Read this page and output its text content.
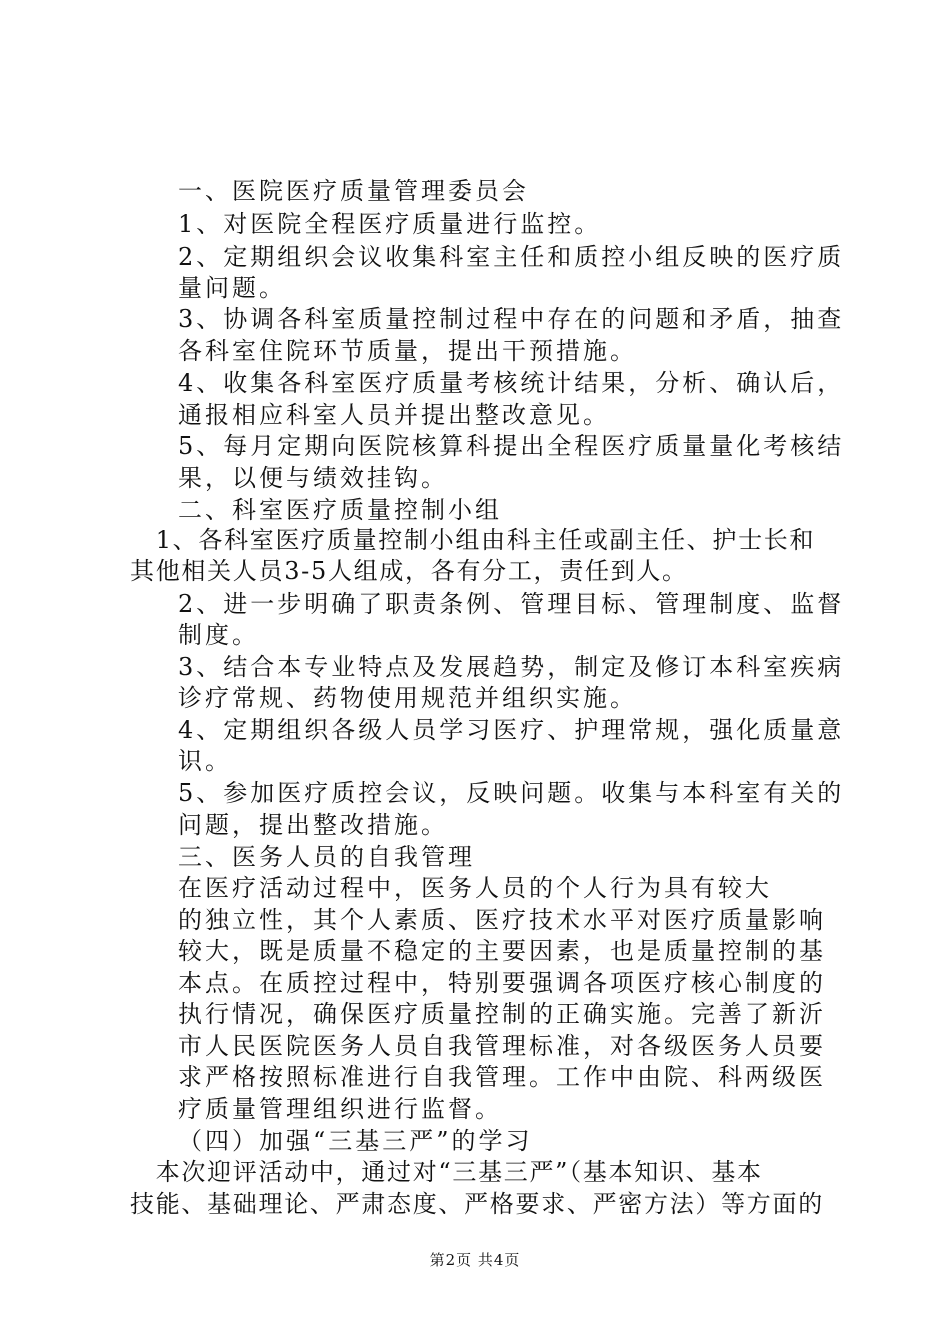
一、医院医疗质量管理委员会
1、对医院全程医疗质量进行监控。
2、定期组织会议收集科室主任和质控小组反映的医疗质
量问题。
3、协调各科室质量控制过程中存在的问题和矛盾，抽查
各科室住院环节质量，提出干预措施。
4、收集各科室医疗质量考核统计结果，分析、确认后，
通报相应科室人员并提出整改意见。
5、每月定期向医院核算科提出全程医疗质量量化考核结
果，以便与绩效挂钩。
二、科室医疗质量控制小组
　1、各科室医疗质量控制小组由科主任或副主任、护士长和
其他相关人员3-5人组成，各有分工，责任到人。
2、进一步明确了职责条例、管理目标、管理制度、监督
制度。
3、结合本专业特点及发展趋势，制定及修订本科室疾病
诊疗常规、药物使用规范并组织实施。
4、定期组织各级人员学习医疗、护理常规，强化质量意
识。
5、参加医疗质控会议，反映问题。收集与本科室有关的
问题，提出整改措施。
三、医务人员的自我管理
在医疗活动过程中，医务人员的个人行为具有较大
的独立性，其个人素质、医疗技术水平对医疗质量影响
较大，既是质量不稳定的主要因素，也是质量控制的基
本点。在质控过程中，特别要强调各项医疗核心制度的
执行情况，确保医疗质量控制的正确实施。完善了新沂
市人民医院医务人员自我管理标准，对各级医务人员要
求严格按照标准进行自我管理。工作中由院、科两级医
疗质量管理组织进行监督。
（四）加强“三基三严”的学习
　本次迎评活动中，通过对“三基三严”（基本知识、基本
技能、基础理论、严肃态度、严格要求、严密方法）等方面的
第2页 共4页
